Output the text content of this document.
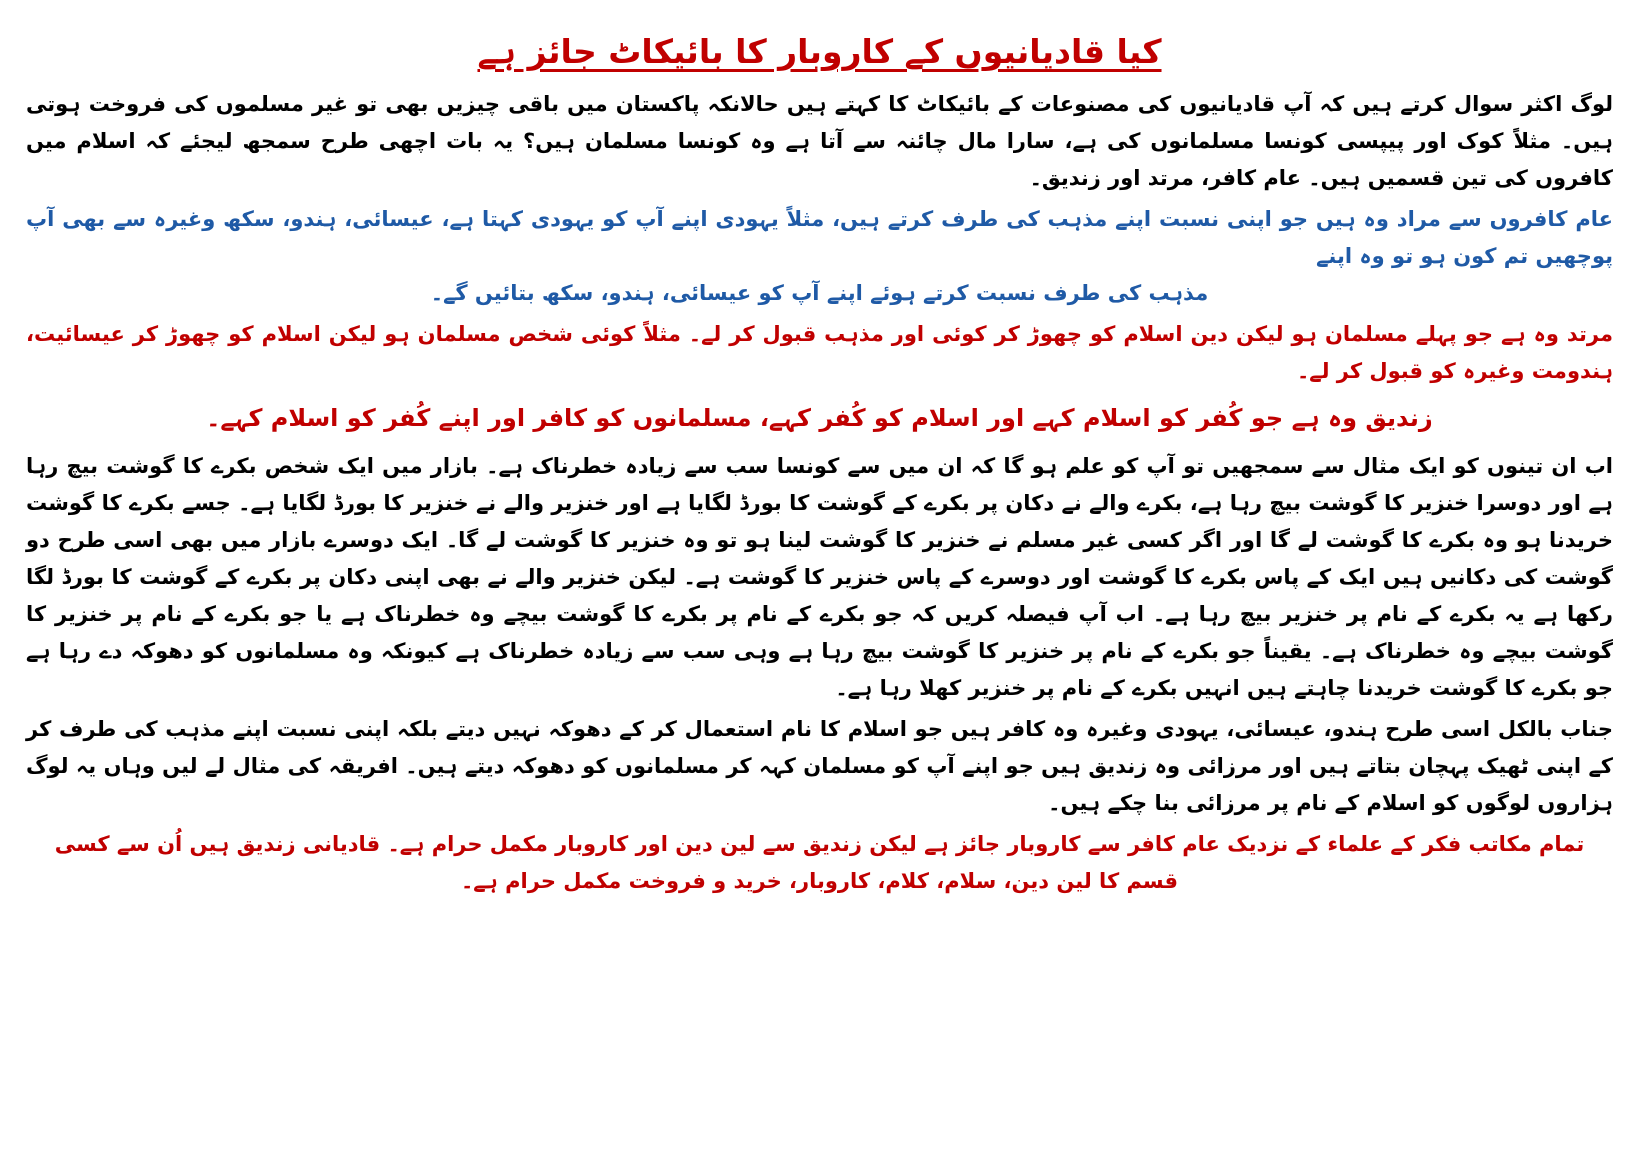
کیا قادیانیوں کے کاروبار کا بائیکاٹ جائز ہے

لوگ اکثر سوال کرتے ہیں کہ آپ قادیانیوں کی مصنوعات کے بائیکاٹ کا کہتے ہیں حالانکہ پاکستان میں باقی چیزیں بھی تو غیر مسلموں کی فروخت ہوتی ہیں۔ مثلاً کوک اور پیپسی کونسا مسلمانوں کی ہے، سارا مال چائنہ سے آتا ہے وہ کونسا مسلمان ہیں؟ یہ بات اچھی طرح سمجھ لیجئے کہ اسلام میں کافروں کی تین قسمیں ہیں۔ عام کافر، مرتد اور زندیق۔

عام کافروں سے مراد وہ ہیں جو اپنی نسبت اپنے مذہب کی طرف کرتے ہیں، مثلاً یہودی اپنے آپ کو یہودی کہتا ہے، عیسائی، ہندو، سکھ وغیرہ سے بھی آپ پوچھیں تم کون ہو تو وہ اپنے

مذہب کی طرف نسبت کرتے ہوئے اپنے آپ کو عیسائی، ہندو، سکھ بتائیں گے۔

مرتد وہ ہے جو پہلے مسلمان ہو لیکن دین اسلام کو چھوڑ کر کوئی اور مذہب قبول کر لے۔ مثلاً کوئی شخص مسلمان ہو لیکن اسلام کو چھوڑ کر عیسائیت، ہندومت وغیرہ کو قبول کر لے۔

زندیق وہ ہے جو کُفر کو اسلام کہے اور اسلام کو کُفر کہے، مسلمانوں کو کافر اور اپنے کُفر کو اسلام کہے۔

اب ان تینوں کو ایک مثال سے سمجھیں تو آپ کو علم ہو گا کہ ان میں سے کونسا سب سے زیادہ خطرناک ہے۔ بازار میں ایک شخص بکرے کا گوشت بیچ رہا ہے اور دوسرا خنزیر کا گوشت بیچ رہا ہے، بکرے والے نے دکان پر بکرے کے گوشت کا بورڈ لگایا ہے اور خنزیر والے نے خنزیر کا بورڈ لگایا ہے۔ جسے بکرے کا گوشت خریدنا ہو وہ بکرے کا گوشت لے گا اور اگر کسی غیر مسلم نے خنزیر کا گوشت لینا ہو تو وہ خنزیر کا گوشت لے گا۔ ایک دوسرے بازار میں بھی اسی طرح دو گوشت کی دکانیں ہیں ایک کے پاس بکرے کا گوشت اور دوسرے کے پاس خنزیر کا گوشت ہے۔ لیکن خنزیر والے نے بھی اپنی دکان پر بکرے کے گوشت کا بورڈ لگا رکھا ہے یہ بکرے کے نام پر خنزیر بیچ رہا ہے۔ اب آپ فیصلہ کریں کہ جو بکرے کے نام پر بکرے کا گوشت بیچے وہ خطرناک ہے یا جو بکرے کے نام پر خنزیر کا گوشت بیچے وہ خطرناک ہے۔ یقیناً جو بکرے کے نام پر خنزیر کا گوشت بیچ رہا ہے وہی سب سے زیادہ خطرناک ہے کیونکہ وہ مسلمانوں کو دھوکہ دے رہا ہے جو بکرے کا گوشت خریدنا چاہتے ہیں انہیں بکرے کے نام پر خنزیر کھلا رہا ہے۔

جناب بالکل اسی طرح ہندو، عیسائی، یہودی وغیرہ وہ کافر ہیں جو اسلام کا نام استعمال کر کے دھوکہ نہیں دیتے بلکہ اپنی نسبت اپنے مذہب کی طرف کر کے اپنی ٹھیک پہچان بتاتے ہیں اور مرزائی وہ زندیق ہیں جو اپنے آپ کو مسلمان کہہ کر مسلمانوں کو دھوکہ دیتے ہیں۔ افریقہ کی مثال لے لیں وہاں یہ لوگ ہزاروں لوگوں کو اسلام کے نام پر مرزائی بنا چکے ہیں۔

تمام مکاتب فکر کے علماء کے نزدیک عام کافر سے کاروبار جائز ہے لیکن زندیق سے لین دین اور کاروبار مکمل حرام ہے۔ قادیانی زندیق ہیں اُن سے کسی قسم کا لین دین، سلام، کلام، کاروبار، خرید و فروخت مکمل حرام ہے۔
